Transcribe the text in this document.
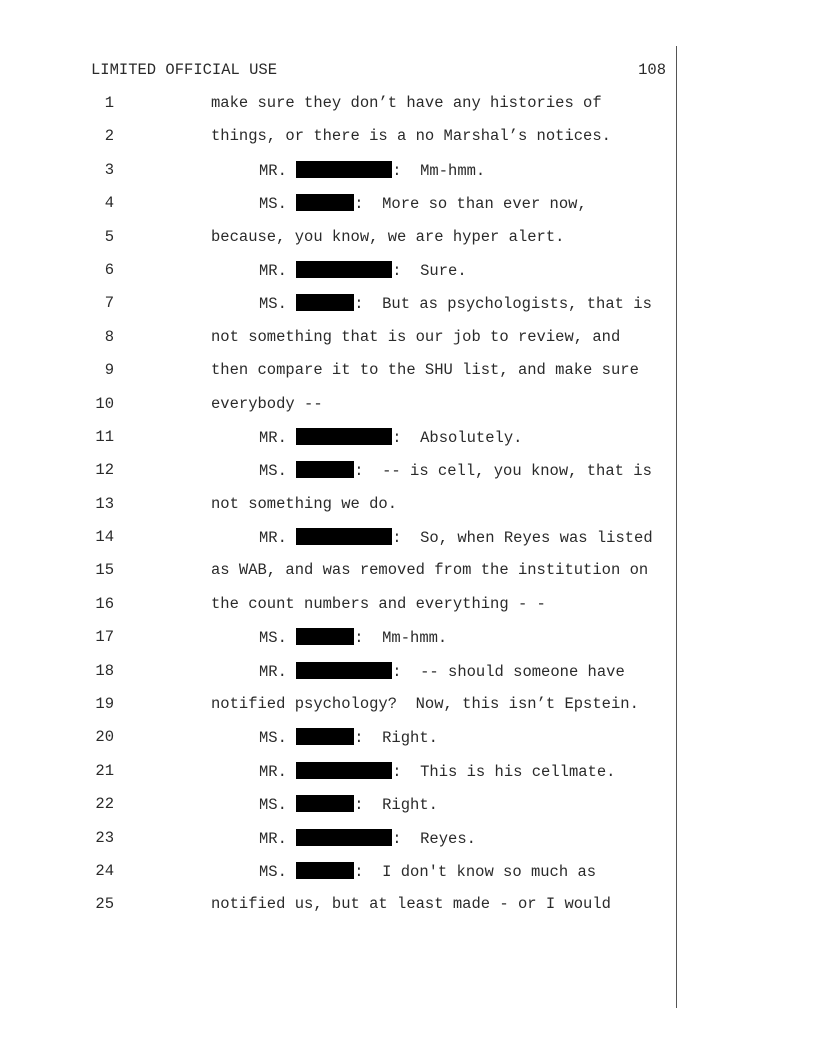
LIMITED OFFICIAL USE	108
1	make sure they don’t have any histories of
2	things, or there is a no Marshal’s notices.
3	MR.	:  Mm-hmm.
4	MS.	:  More so than ever now,
5	because, you know, we are hyper alert.
6	MR.	:  Sure.
7	MS.	:  But as psychologists, that is
8	not something that is our job to review, and
9	then compare it to the SHU list, and make sure
10	everybody --
11	MR.	:  Absolutely.
12	MS.	:  -- is cell, you know, that is
13	not something we do.
14	MR.	:  So, when Reyes was listed
15	as WAB, and was removed from the institution on
16	the count numbers and everything - -
17	MS.	:  Mm-hmm.
18	MR.	:  -- should someone have
19	notified psychology?  Now, this isn’t Epstein.
20	MS.	:  Right.
21	MR.	:  This is his cellmate.
22	MS.	:  Right.
23	MR.	:  Reyes.
24	MS.	:  I don't know so much as
25	notified us, but at least made - or I would
